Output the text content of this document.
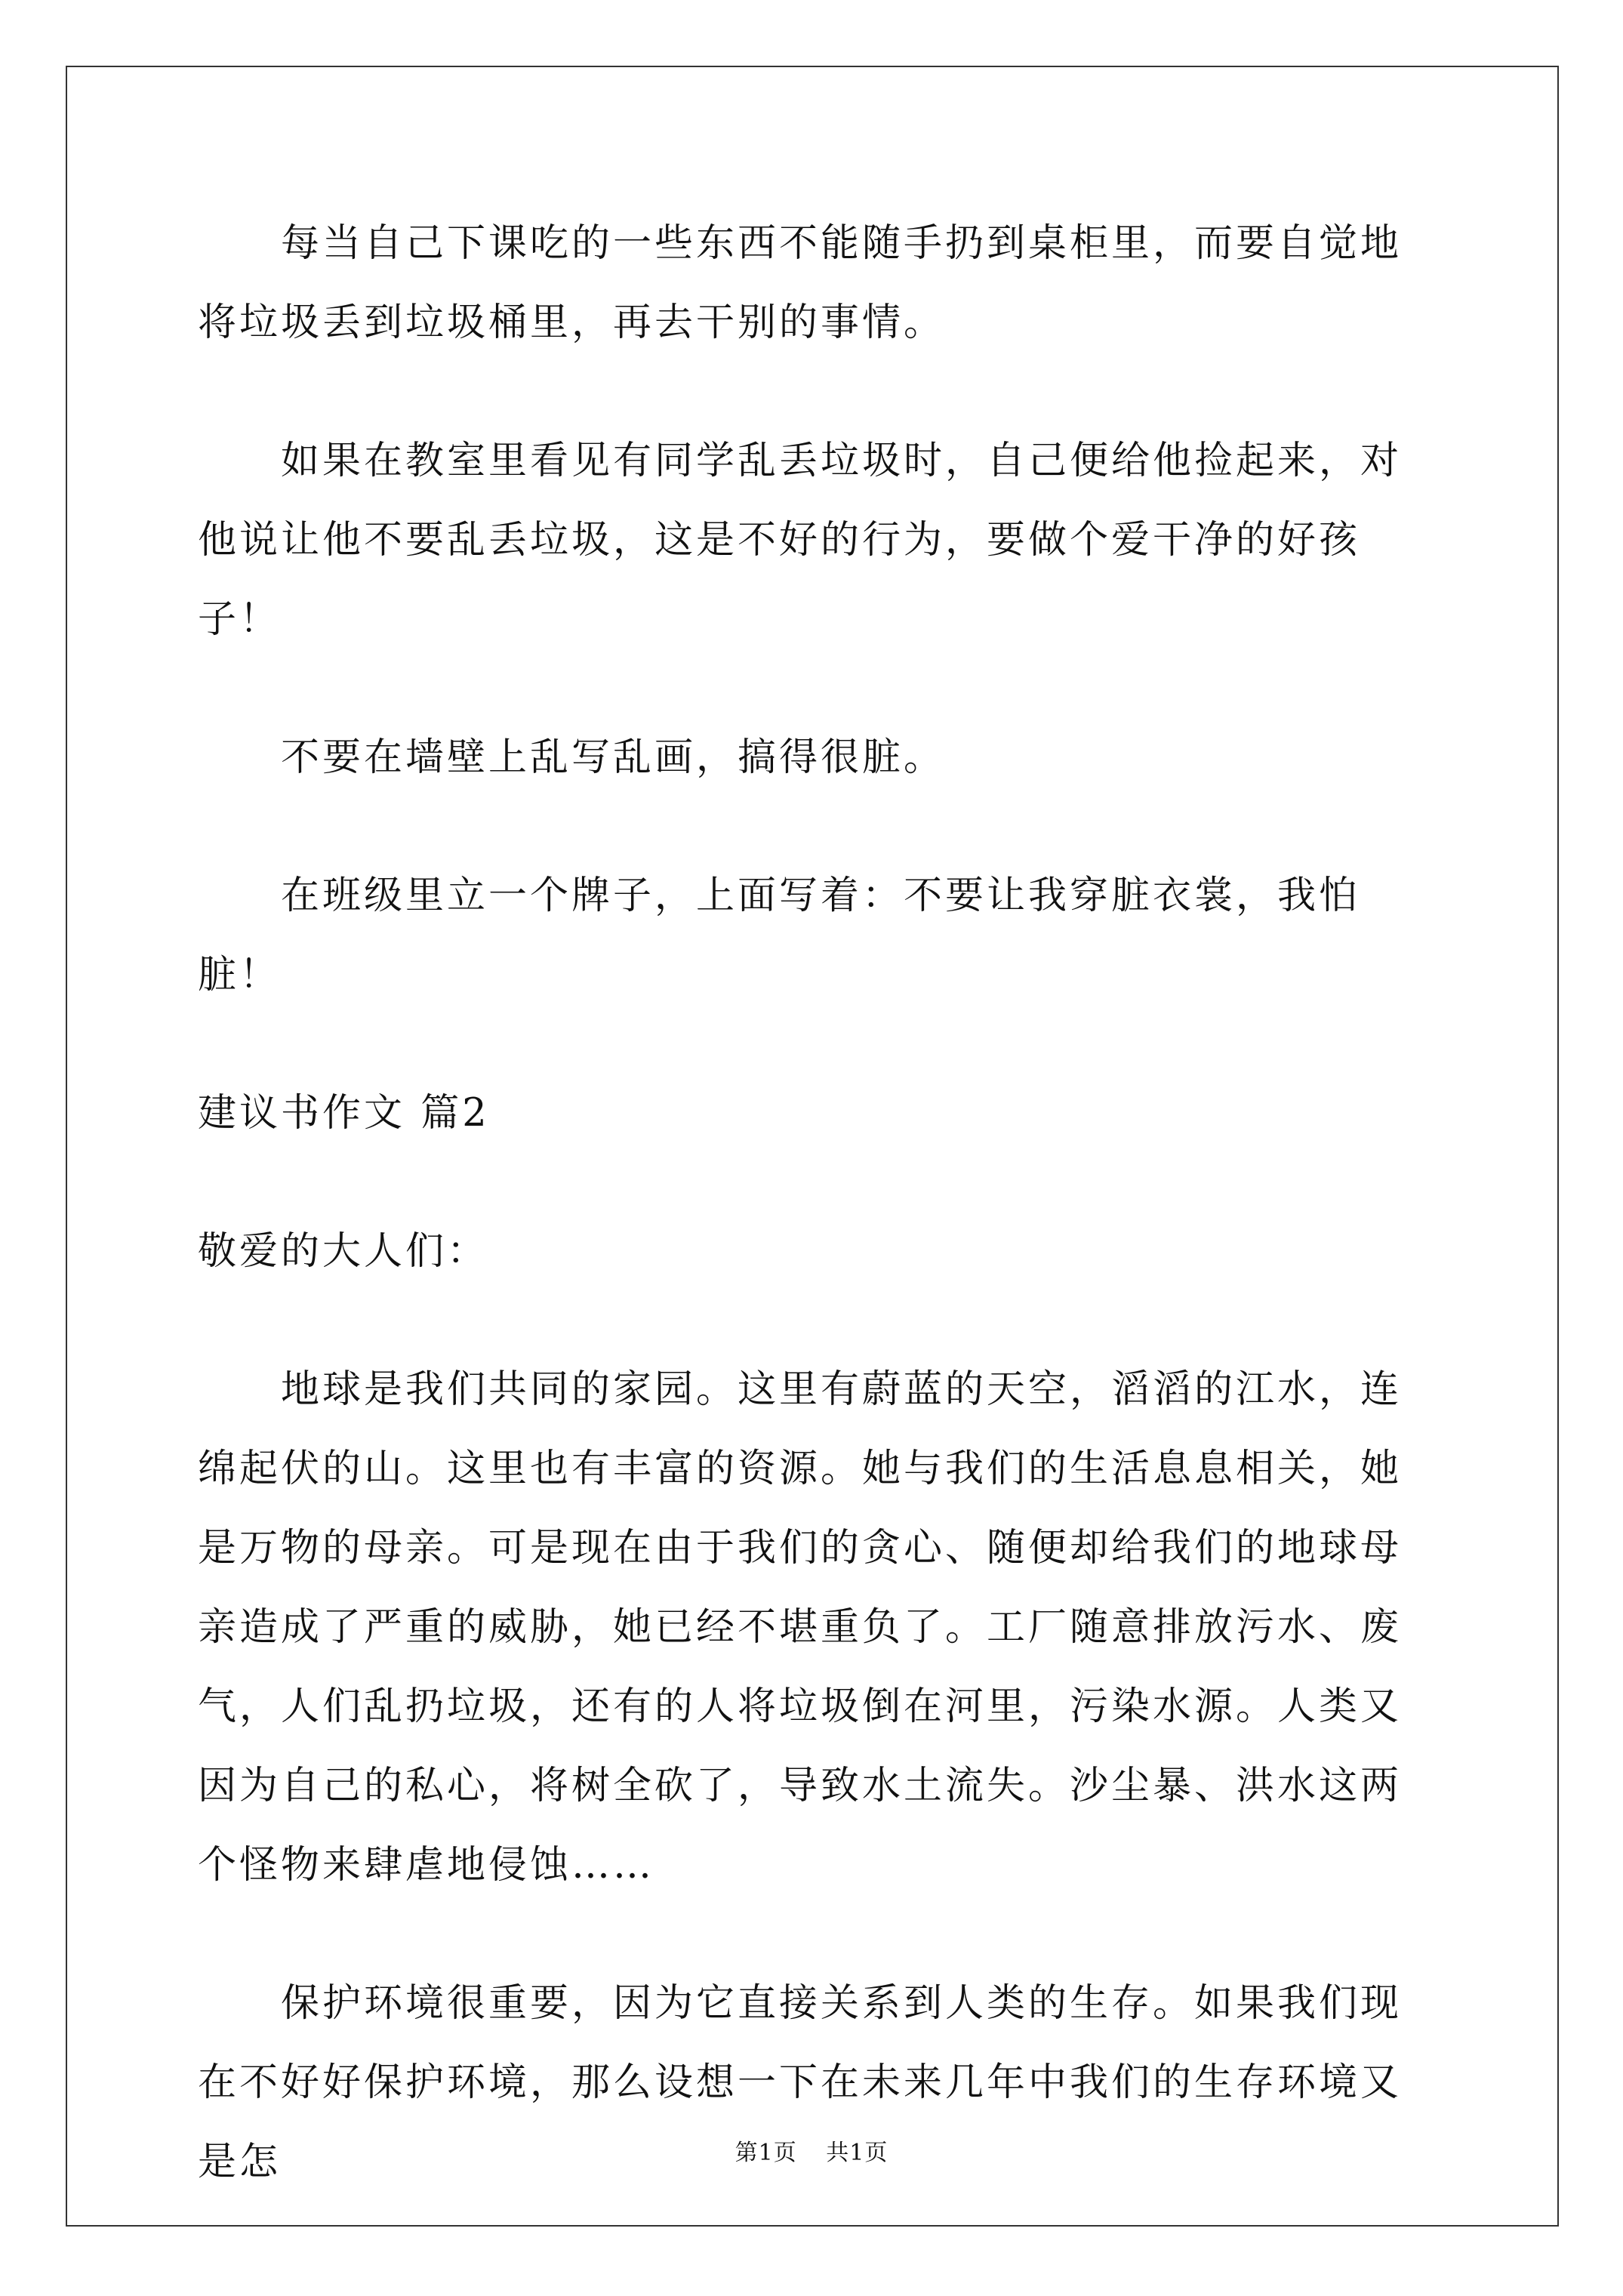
每当自己下课吃的一些东西不能随手扔到桌柜里，而要自觉地将垃圾丢到垃圾桶里，再去干别的事情。

如果在教室里看见有同学乱丢垃圾时，自己便给他捡起来，对他说让他不要乱丢垃圾，这是不好的行为，要做个爱干净的好孩子！

不要在墙壁上乱写乱画，搞得很脏。

在班级里立一个牌子，上面写着：不要让我穿脏衣裳，我怕脏！

建议书作文 篇2

敬爱的大人们：

地球是我们共同的家园。这里有蔚蓝的天空，滔滔的江水，连绵起伏的山。这里也有丰富的资源。她与我们的生活息息相关，她是万物的母亲。可是现在由于我们的贪心、随便却给我们的地球母亲造成了严重的威胁，她已经不堪重负了。工厂随意排放污水、废气，人们乱扔垃圾，还有的人将垃圾倒在河里，污染水源。人类又因为自己的私心，将树全砍了，导致水土流失。沙尘暴、洪水这两个怪物来肆虐地侵蚀……

保护环境很重要，因为它直接关系到人类的生存。如果我们现在不好好保护环境，那么设想一下在未来几年中我们的生存环境又是怎	第1页 共1页
